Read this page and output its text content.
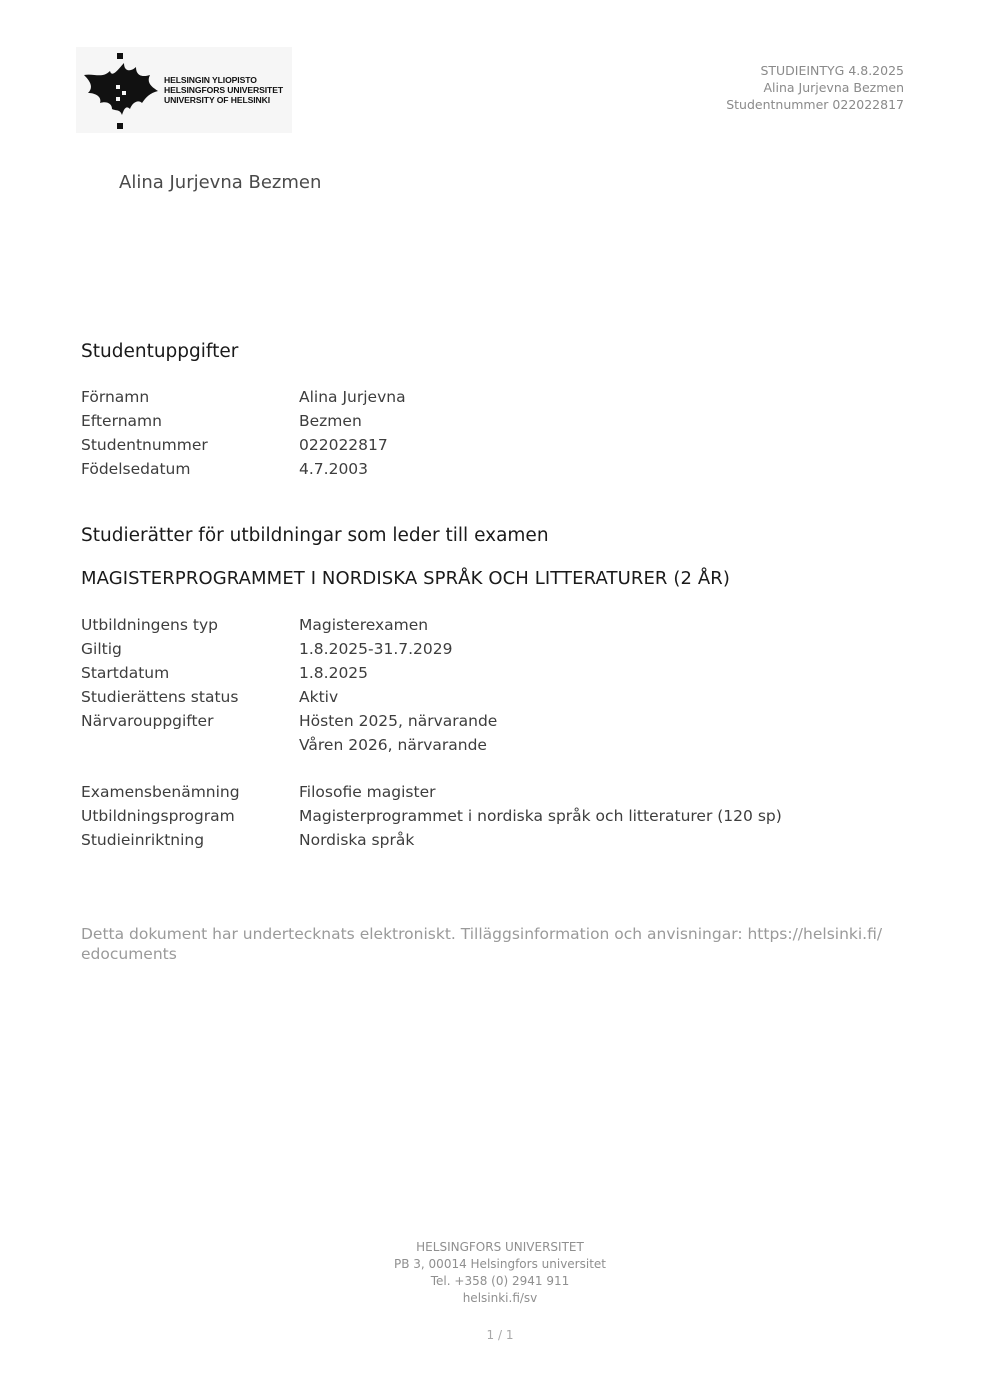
HELSINGIN YLIOPISTO
HELSINGFORS UNIVERSITET
UNIVERSITY OF HELSINKI
STUDIEINTYG 4.8.2025
Alina Jurjevna Bezmen
Studentnummer 022022817
Alina Jurjevna Bezmen
Studentuppgifter
Förnamn	Alina Jurjevna
Efternamn	Bezmen
Studentnummer	022022817
Födelsedatum	4.7.2003
Studierätter för utbildningar som leder till examen
MAGISTERPROGRAMMET I NORDISKA SPRÅK OCH LITTERATURER (2 ÅR)
Utbildningens typ	Magisterexamen
Giltig	1.8.2025-31.7.2029
Startdatum	1.8.2025
Studierättens status	Aktiv
Närvarouppgifter	Hösten 2025, närvarande
Våren 2026, närvarande
Examensbenämning	Filosofie magister
Utbildningsprogram	Magisterprogrammet i nordiska språk och litteraturer (120 sp)
Studieinriktning	Nordiska språk
Detta dokument har undertecknats elektroniskt. Tilläggsinformation och anvisningar: https://helsinki.fi/
edocuments
HELSINGFORS UNIVERSITET
PB 3, 00014 Helsingfors universitet
Tel. +358 (0) 2941 911
helsinki.fi/sv
1 / 1
